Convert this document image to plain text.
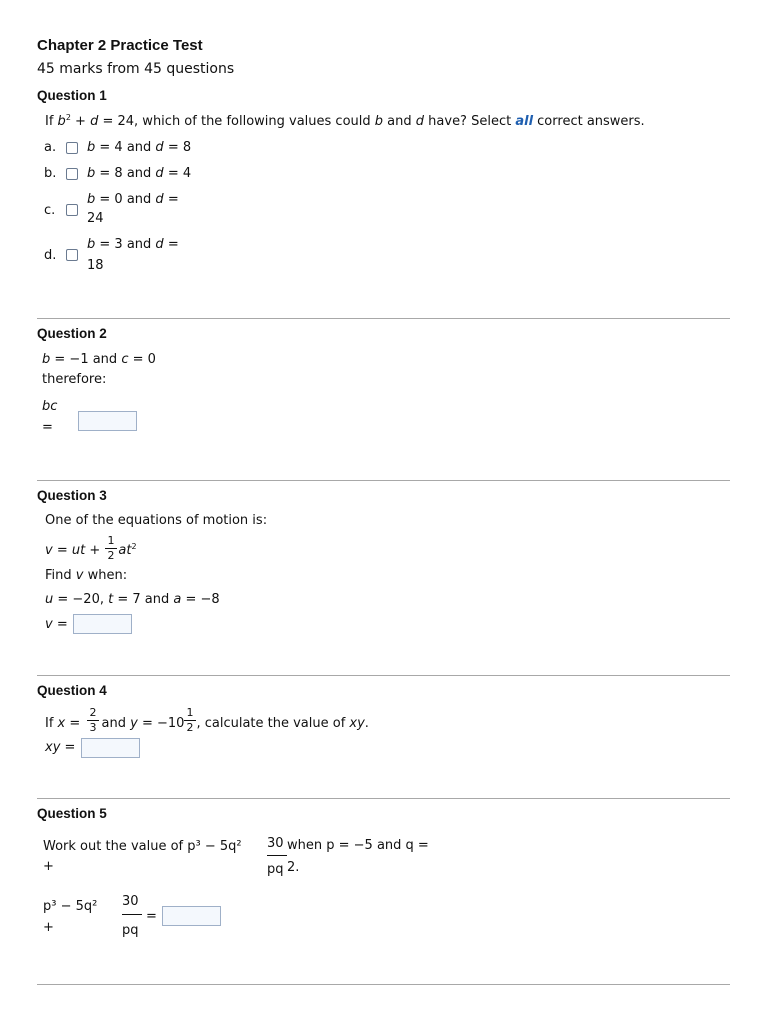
Chapter 2 Practice Test
45 marks from 45 questions
Question 1
If $b^2 + d = 24$, which of the following values could b and d have? Select all correct answers.
a. b = 4 and d = 8
b. b = 8 and d = 4
c.
b = 0 and d =
24
d.
b = 3 and d =
18
Question 2
b = −1 and c = 0
therefore:
bc
=
Question 3
One of the equations of motion is:
v = ut + $at^2$
1
2
Find v when:
u = −20, t = 7 and a = −8
v =
Question 4
If x =  and y = −10 , calculate the value of xy.
2
3
1
2
xy =
Question 5
Work out the value of p³ − 5q²
+
30
pq
when p = −5 and q =
2.
p³ − 5q²
+
30
pq
=
